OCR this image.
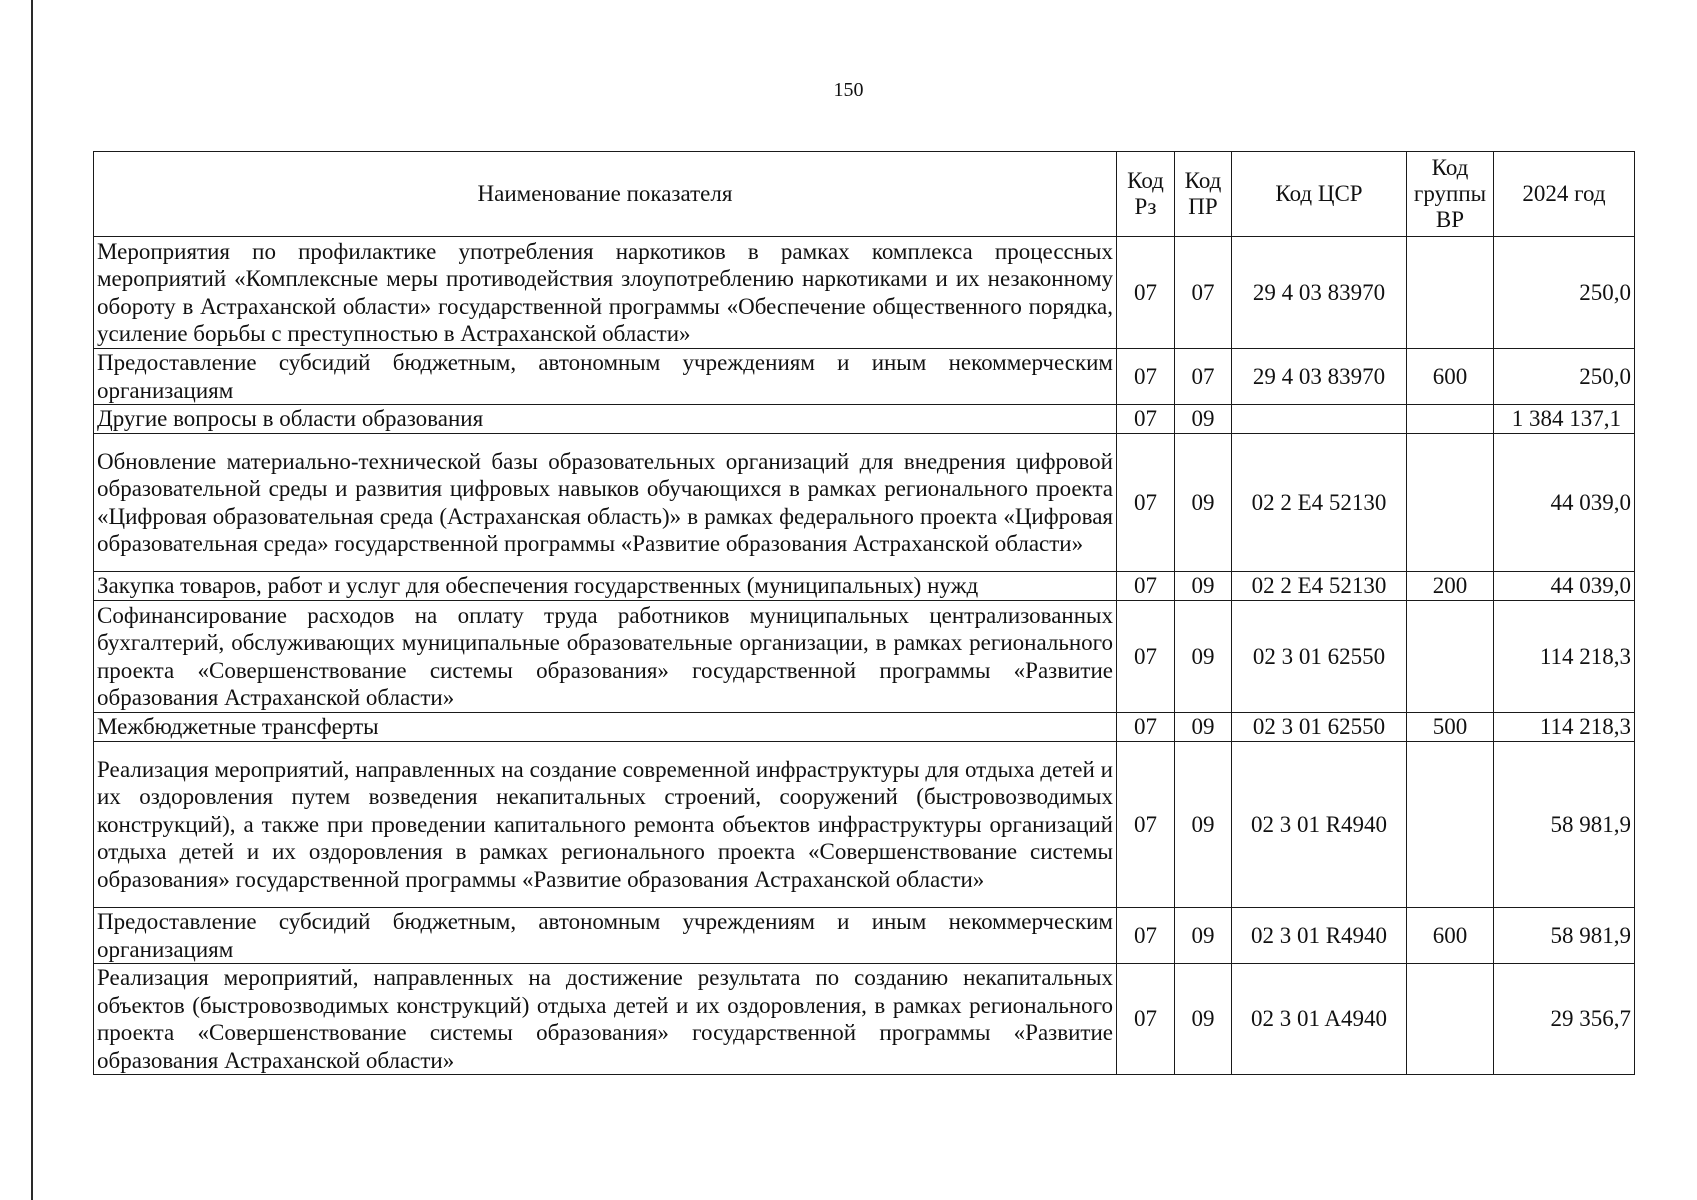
150
Наименование показателя	Код Рз	Код ПР	Код ЦСР	Код группы ВР	2024 год
Мероприятия по профилактике употребления наркотиков в рамках комплекса процессных мероприятий «Комплексные меры противодействия злоупотреблению наркотиками и их незаконному обороту в Астраханской области» государственной программы «Обеспечение общественного порядка, усиление борьбы с преступностью в Астраханской области»	07	07	29 4 03 83970		250,0
Предоставление субсидий бюджетным, автономным учреждениям и иным некоммерческим организациям	07	07	29 4 03 83970	600	250,0
Другие вопросы в области образования	07	09			1 384 137,1
Обновление материально-технической базы образовательных организаций для внедрения цифровой образовательной среды и развития цифровых навыков обучающихся в рамках регионального проекта «Цифровая образовательная среда (Астраханская область)» в рамках федерального проекта «Цифровая образовательная среда» государственной программы «Развитие образования Астраханской области»	07	09	02 2 E4 52130		44 039,0
Закупка товаров, работ и услуг для обеспечения государственных (муниципальных) нужд	07	09	02 2 E4 52130	200	44 039,0
Софинансирование расходов на оплату труда работников муниципальных централизованных бухгалтерий, обслуживающих муниципальные образовательные организации, в рамках регионального проекта «Совершенствование системы образования» государственной программы «Развитие образования Астраханской области»	07	09	02 3 01 62550		114 218,3
Межбюджетные трансферты	07	09	02 3 01 62550	500	114 218,3
Реализация мероприятий, направленных на создание современной инфраструктуры для отдыха детей и их оздоровления путем возведения некапитальных строений, сооружений (быстровозводимых конструкций), а также при проведении капитального ремонта объектов инфраструктуры организаций отдыха детей и их оздоровления в рамках регионального проекта «Совершенствование системы образования» государственной программы «Развитие образования Астраханской области»	07	09	02 3 01 R4940		58 981,9
Предоставление субсидий бюджетным, автономным учреждениям и иным некоммерческим организациям	07	09	02 3 01 R4940	600	58 981,9
Реализация мероприятий, направленных на достижение результата по созданию некапитальных объектов (быстровозводимых конструкций) отдыха детей и их оздоровления, в рамках регионального проекта «Совершенствование системы образования» государственной программы «Развитие образования Астраханской области»	07	09	02 3 01 A4940		29 356,7
